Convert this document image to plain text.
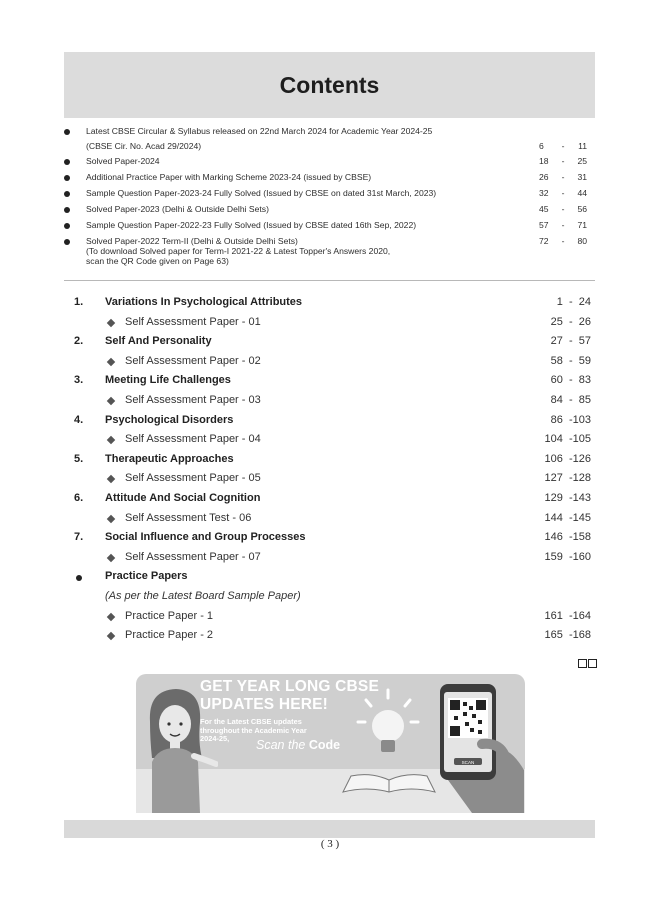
Contents
Latest CBSE Circular & Syllabus released on 22nd March 2024 for Academic Year 2024-25
(CBSE Cir. No. Acad 29/2024)	6 - 11
Solved Paper-2024	18 - 25
Additional Practice Paper with Marking Scheme 2023-24 (issued by CBSE)	26 - 31
Sample Question Paper-2023-24 Fully Solved (Issued by CBSE on dated 31st March, 2023)	32 - 44
Solved Paper-2023 (Delhi & Outside Delhi Sets)	45 - 56
Sample Question Paper-2022-23 Fully Solved (Issued by CBSE dated 16th Sep, 2022)	57 - 71
Solved Paper-2022 Term-II (Delhi & Outside Delhi Sets)	72 - 80
(To download Solved paper for Term-I 2021-22 & Latest Topper's Answers 2020,
scan the QR Code given on Page 63)
1. Variations In Psychological Attributes	1  -  24
Self Assessment Paper - 01	25  -  26
2. Self And Personality	27  -  57
Self Assessment Paper - 02	58  -  59
3. Meeting Life Challenges	60  -  83
Self Assessment Paper - 03	84  -  85
4. Psychological Disorders	86  -103
Self Assessment Paper - 04	104  -105
5. Therapeutic Approaches	106  -126
Self Assessment Paper - 05	127  -128
6. Attitude And Social Cognition	129  -143
Self Assessment Test - 06	144  -145
7. Social Influence and Group Processes	146  -158
Self Assessment Paper - 07	159  -160
Practice Papers
(As per the Latest Board Sample Paper)
Practice Paper - 1	161  -164
Practice Paper - 2	165  -168
GET YEAR LONG CBSE
UPDATES HERE!
For the Latest CBSE updates
throughout the Academic Year
2024-25,	Scan the Code
SCAN
( 3 )
